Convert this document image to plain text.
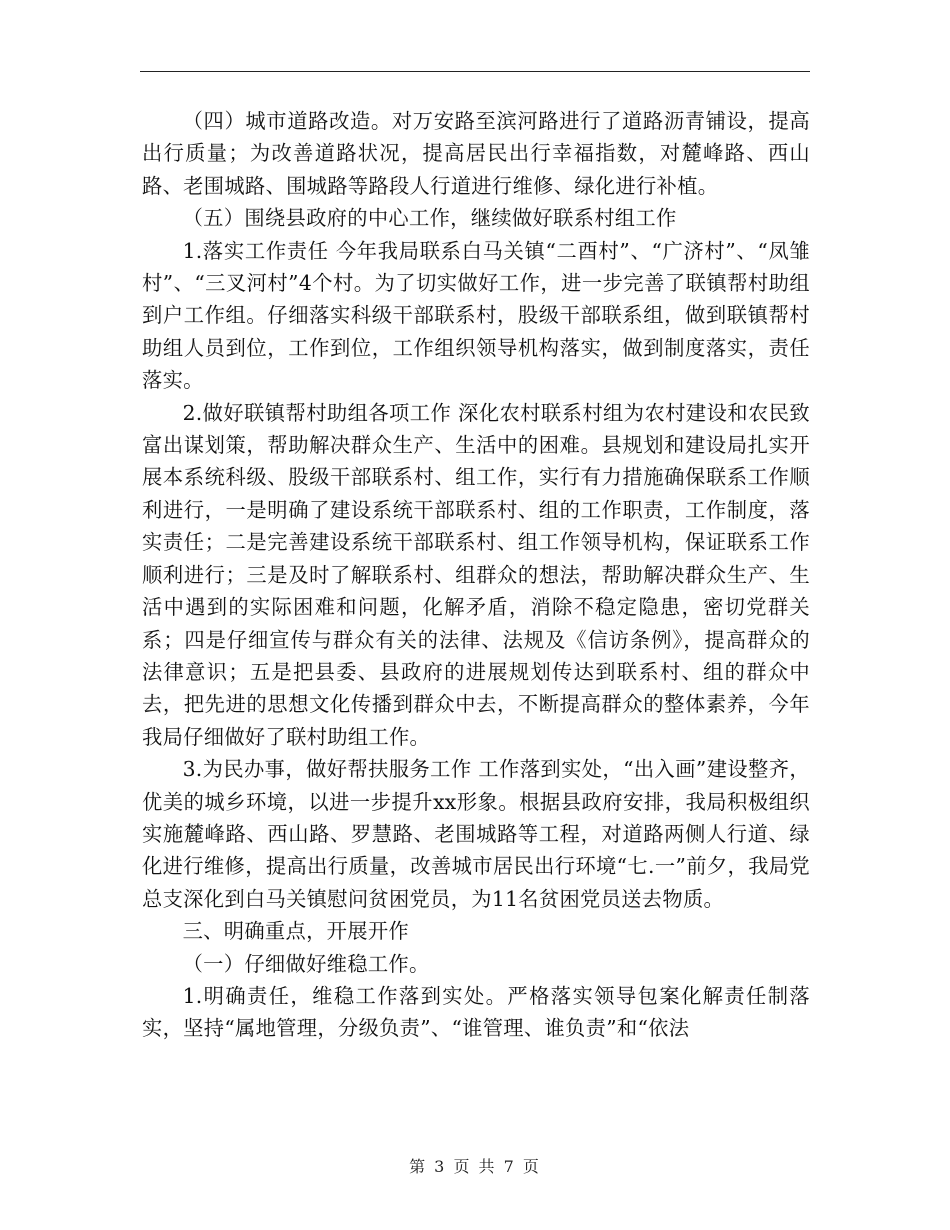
（四）城市道路改造。对万安路至滨河路进行了道路沥青铺设，提高出行质量；为改善道路状况，提高居民出行幸福指数，对麓峰路、西山路、老围城路、围城路等路段人行道进行维修、绿化进行补植。

（五）围绕县政府的中心工作，继续做好联系村组工作

1.落实工作责任 今年我局联系白马关镇“二酉村”、“广济村”、“凤雏村”、“三叉河村”4个村。为了切实做好工作，进一步完善了联镇帮村助组到户工作组。仔细落实科级干部联系村，股级干部联系组，做到联镇帮村助组人员到位，工作到位，工作组织领导机构落实，做到制度落实，责任落实。

2.做好联镇帮村助组各项工作 深化农村联系村组为农村建设和农民致富出谋划策，帮助解决群众生产、生活中的困难。县规划和建设局扎实开展本系统科级、股级干部联系村、组工作，实行有力措施确保联系工作顺利进行，一是明确了建设系统干部联系村、组的工作职责，工作制度，落实责任；二是完善建设系统干部联系村、组工作领导机构，保证联系工作顺利进行；三是及时了解联系村、组群众的想法，帮助解决群众生产、生活中遇到的实际困难和问题，化解矛盾，消除不稳定隐患，密切党群关系；四是仔细宣传与群众有关的法律、法规及《信访条例》，提高群众的法律意识；五是把县委、县政府的进展规划传达到联系村、组的群众中去，把先进的思想文化传播到群众中去，不断提高群众的整体素养，今年我局仔细做好了联村助组工作。

3.为民办事，做好帮扶服务工作 工作落到实处，“出入画”建设整齐，优美的城乡环境，以进一步提升xx形象。根据县政府安排，我局积极组织实施麓峰路、西山路、罗慧路、老围城路等工程，对道路两侧人行道、绿化进行维修，提高出行质量，改善城市居民出行环境“七.一”前夕，我局党总支深化到白马关镇慰问贫困党员，为11名贫困党员送去物质。

三、明确重点，开展开作

（一）仔细做好维稳工作。

1.明确责任，维稳工作落到实处。严格落实领导包案化解责任制落实，坚持“属地管理，分级负责”、“谁管理、谁负责”和“依法

第 3 页 共 7 页
